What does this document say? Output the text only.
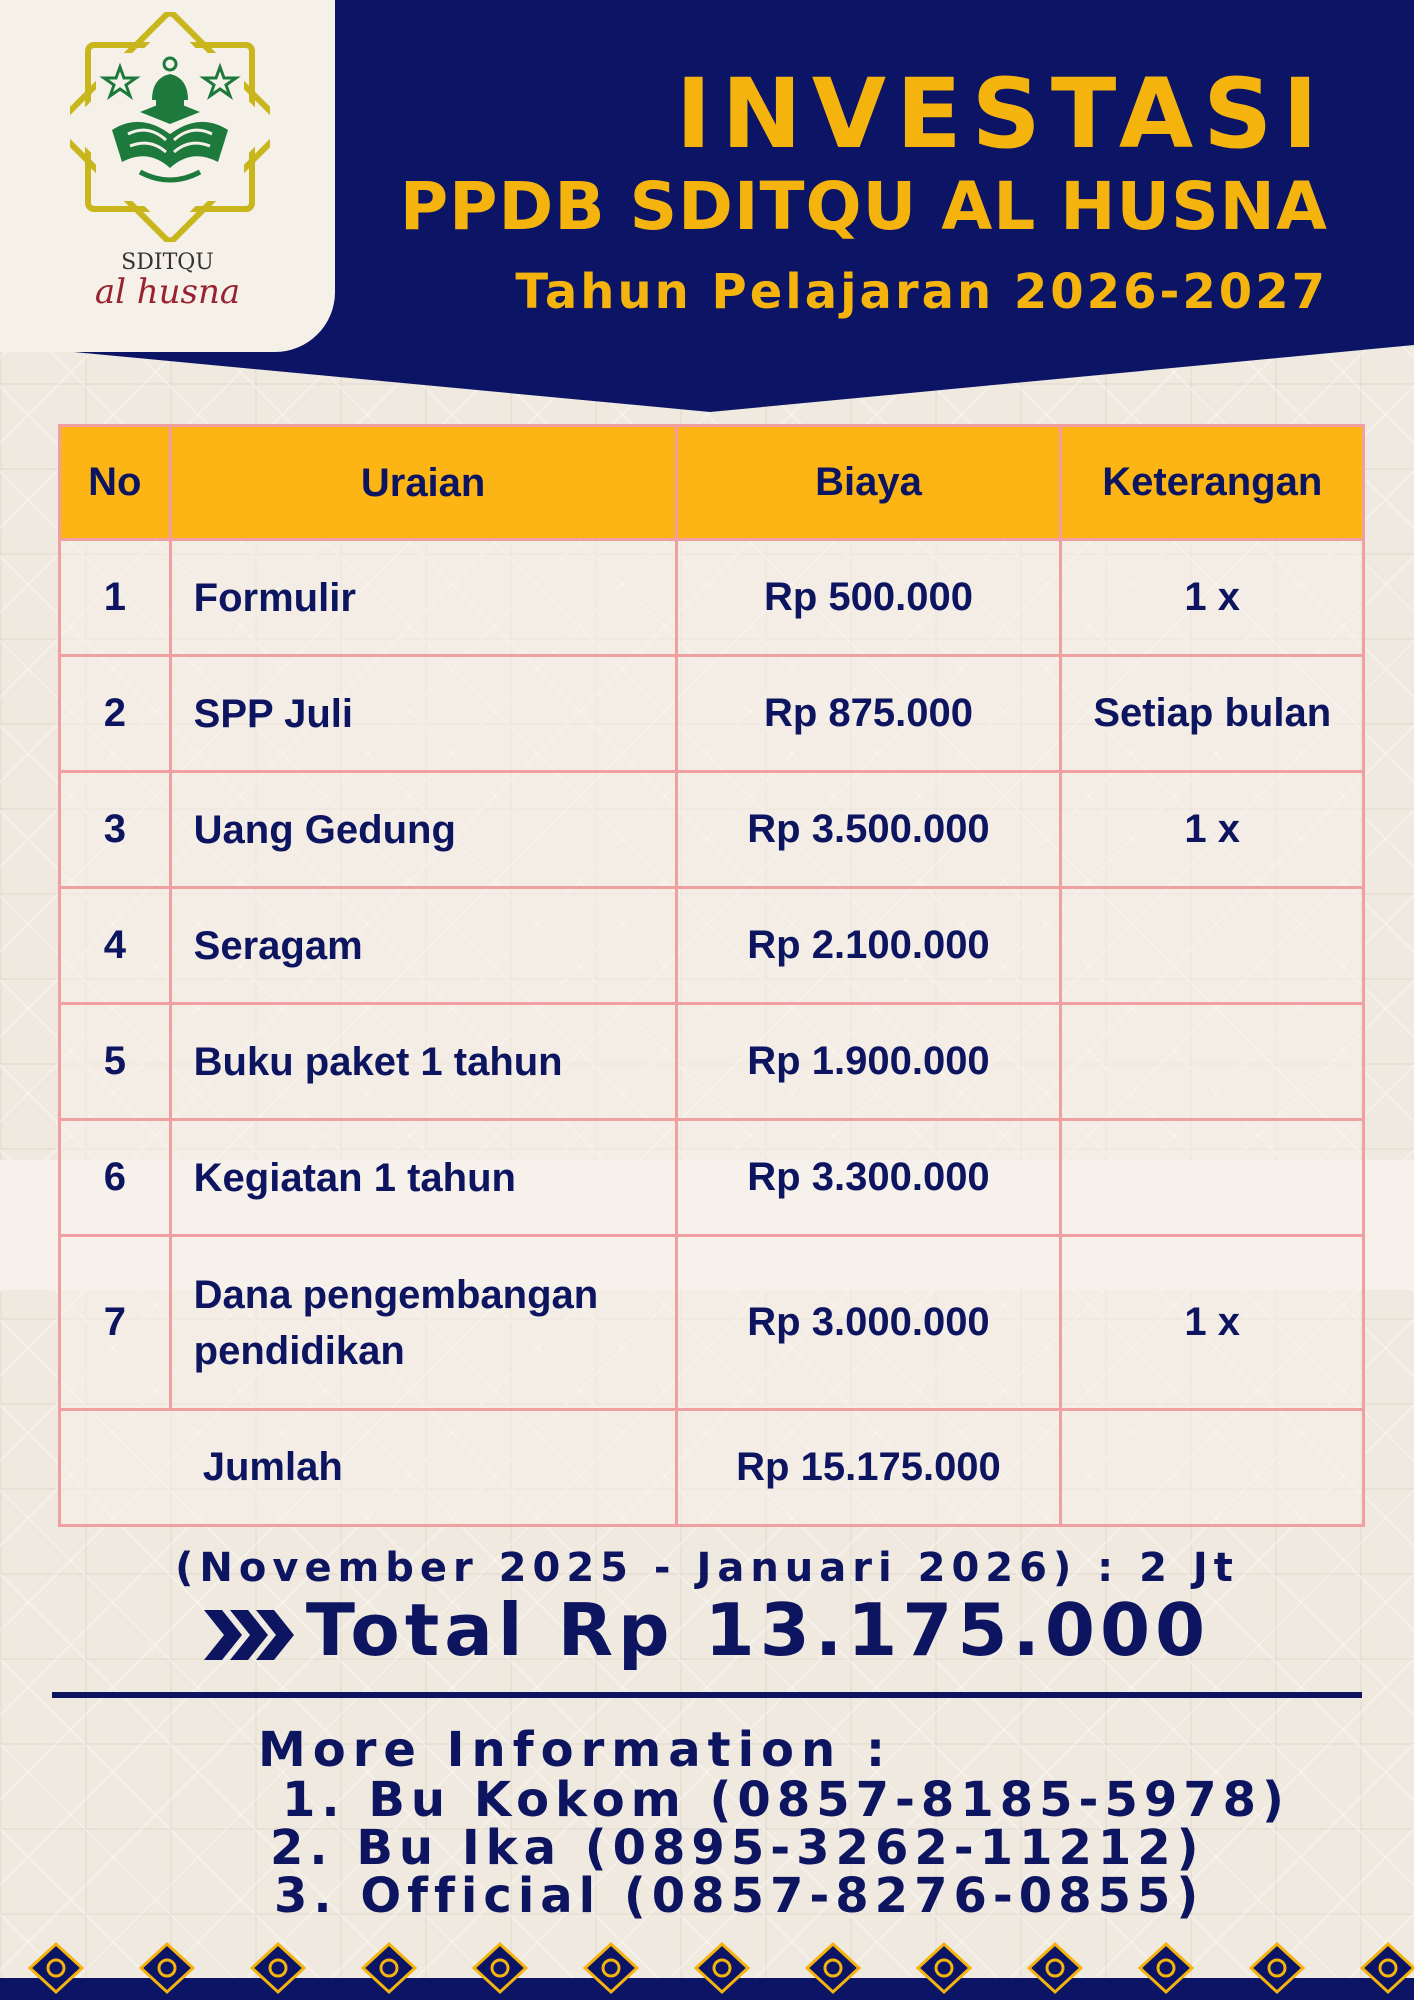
SDITQU
al husna
INVESTASI
PPDB SDITQU AL HUSNA
Tahun Pelajaran 2026-2027
No	Uraian	Biaya	Keterangan
1	Formulir	Rp 500.000	1 x
2	SPP Juli	Rp 875.000	Setiap bulan
3	Uang Gedung	Rp 3.500.000	1 x
4	Seragam	Rp 2.100.000	
5	Buku paket 1 tahun	Rp 1.900.000	
6	Kegiatan 1 tahun	Rp 3.300.000	
7	Dana pengembangan pendidikan	Rp 3.000.000	1 x
Jumlah		Rp 15.175.000	
(November 2025 - Januari 2026) : 2 Jt
Total Rp 13.175.000
More Information :
1. Bu Kokom (0857-8185-5978)
2. Bu Ika (0895-3262-11212)
3. Official (0857-8276-0855)
